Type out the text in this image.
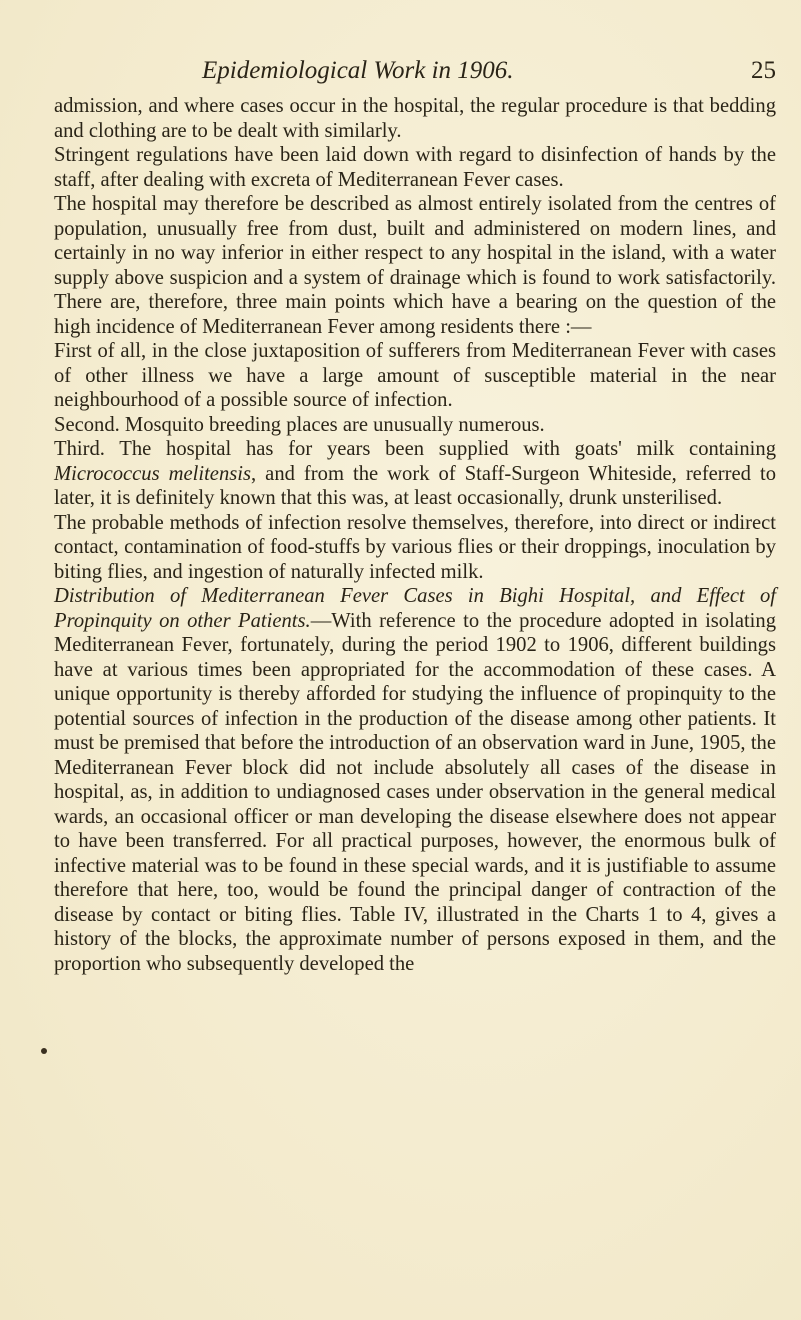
Epidemiological Work in 1906.	25

admission, and where cases occur in the hospital, the regular procedure is that bedding and clothing are to be dealt with similarly.

Stringent regulations have been laid down with regard to disinfection of hands by the staff, after dealing with excreta of Mediterranean Fever cases.

The hospital may therefore be described as almost entirely isolated from the centres of population, unusually free from dust, built and administered on modern lines, and certainly in no way inferior in either respect to any hospital in the island, with a water supply above suspicion and a system of drainage which is found to work satisfactorily. There are, therefore, three main points which have a bearing on the question of the high incidence of Mediterranean Fever among residents there :—

First of all, in the close juxtaposition of sufferers from Mediterranean Fever with cases of other illness we have a large amount of susceptible material in the near neighbourhood of a possible source of infection.

Second. Mosquito breeding places are unusually numerous.

Third. The hospital has for years been supplied with goats' milk containing Micrococcus melitensis, and from the work of Staff-Surgeon Whiteside, referred to later, it is definitely known that this was, at least occasionally, drunk unsterilised.

The probable methods of infection resolve themselves, therefore, into direct or indirect contact, contamination of food-stuffs by various flies or their droppings, inoculation by biting flies, and ingestion of naturally infected milk.

Distribution of Mediterranean Fever Cases in Bighi Hospital, and Effect of Propinquity on other Patients.—With reference to the procedure adopted in isolating Mediterranean Fever, fortunately, during the period 1902 to 1906, different buildings have at various times been appropriated for the accommodation of these cases. A unique opportunity is thereby afforded for studying the influence of propinquity to the potential sources of infection in the production of the disease among other patients. It must be premised that before the introduction of an observation ward in June, 1905, the Mediterranean Fever block did not include absolutely all cases of the disease in hospital, as, in addition to undiagnosed cases under observation in the general medical wards, an occasional officer or man developing the disease elsewhere does not appear to have been transferred. For all practical purposes, however, the enormous bulk of infective material was to be found in these special wards, and it is justifiable to assume therefore that here, too, would be found the principal danger of contraction of the disease by contact or biting flies. Table IV, illustrated in the Charts 1 to 4, gives a history of the blocks, the approximate number of persons exposed in them, and the proportion who subsequently developed the
